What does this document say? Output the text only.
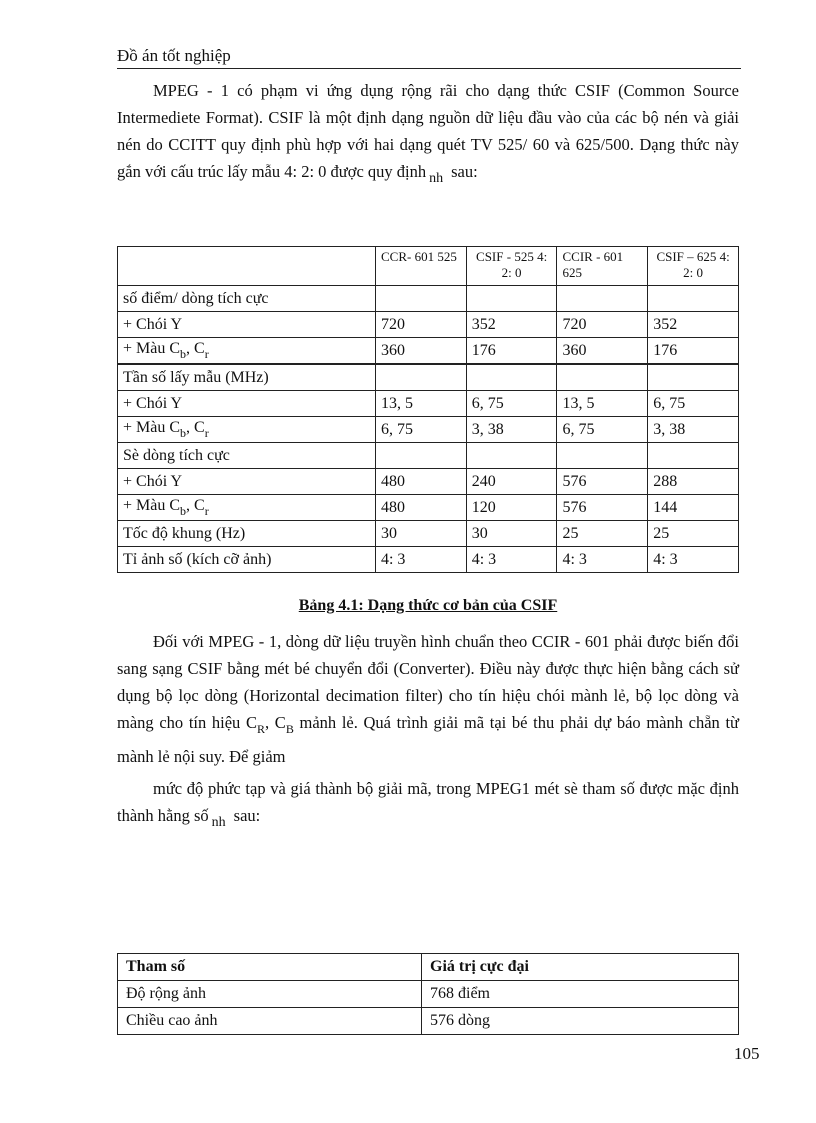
Đồ án tốt nghiệp

MPEG - 1 có phạm vi ứng dụng rộng rãi cho dạng thức CSIF (Common Source Intermediete Format). CSIF là một định dạng nguồn dữ liệu đầu vào của các bộ nén và giải nén do CCITT quy định phù hợp với hai dạng quét TV 525/ 60 và 625/500. Dạng thức này gắn với cấu trúc lấy mẫu 4: 2: 0 được quy định $_{nh}$ sau:

	CCR- 601 525	CSIF - 525 4: 2: 0	CCIR - 601 625	CSIF – 625 4: 2: 0
số điểm/ dòng tích cực				
+ Chói Y	720	352	720	352
+ Màu $C_b$, $C_r$	360	176	360	176
Tần số lấy mẫu (MHz)				
+ Chói Y	13, 5	6, 75	13, 5	6, 75
+ Màu $C_b$, $C_r$	6, 75	3, 38	6, 75	3, 38
Sè dòng tích cực				
+ Chói Y	480	240	576	288
+ Màu $C_b$, $C_r$	480	120	576	144
Tốc độ khung (Hz)	30	30	25	25
Tỉ ảnh số (kích cỡ ảnh)	4: 3	4: 3	4: 3	4: 3
Bảng 4.1: Dạng thức cơ bản của CSIF

Đối với MPEG - 1, dòng dữ liệu truyền hình chuẩn theo CCIR - 601 phải được biến đổi sang sạng CSIF bằng mét bé chuyển đổi (Converter). Điều này được thực hiện bằng cách sử dụng bộ lọc dòng (Horizontal decimation filter) cho tín hiệu chói mành lẻ, bộ lọc dòng và màng cho tín hiệu $C_R$, $C_B$ mảnh lẻ. Quá trình giải mã tại bé thu phải dự báo mành chẵn từ mành lẻ nội suy. Để giảm

mức độ phức tạp và giá thành bộ giải mã, trong MPEG1 mét sè tham số được mặc định thành hằng số $_{nh}$ sau:

Tham số	Giá trị cực đại
Độ rộng ảnh	768 điểm
Chiều cao ảnh	576 dòng
105
